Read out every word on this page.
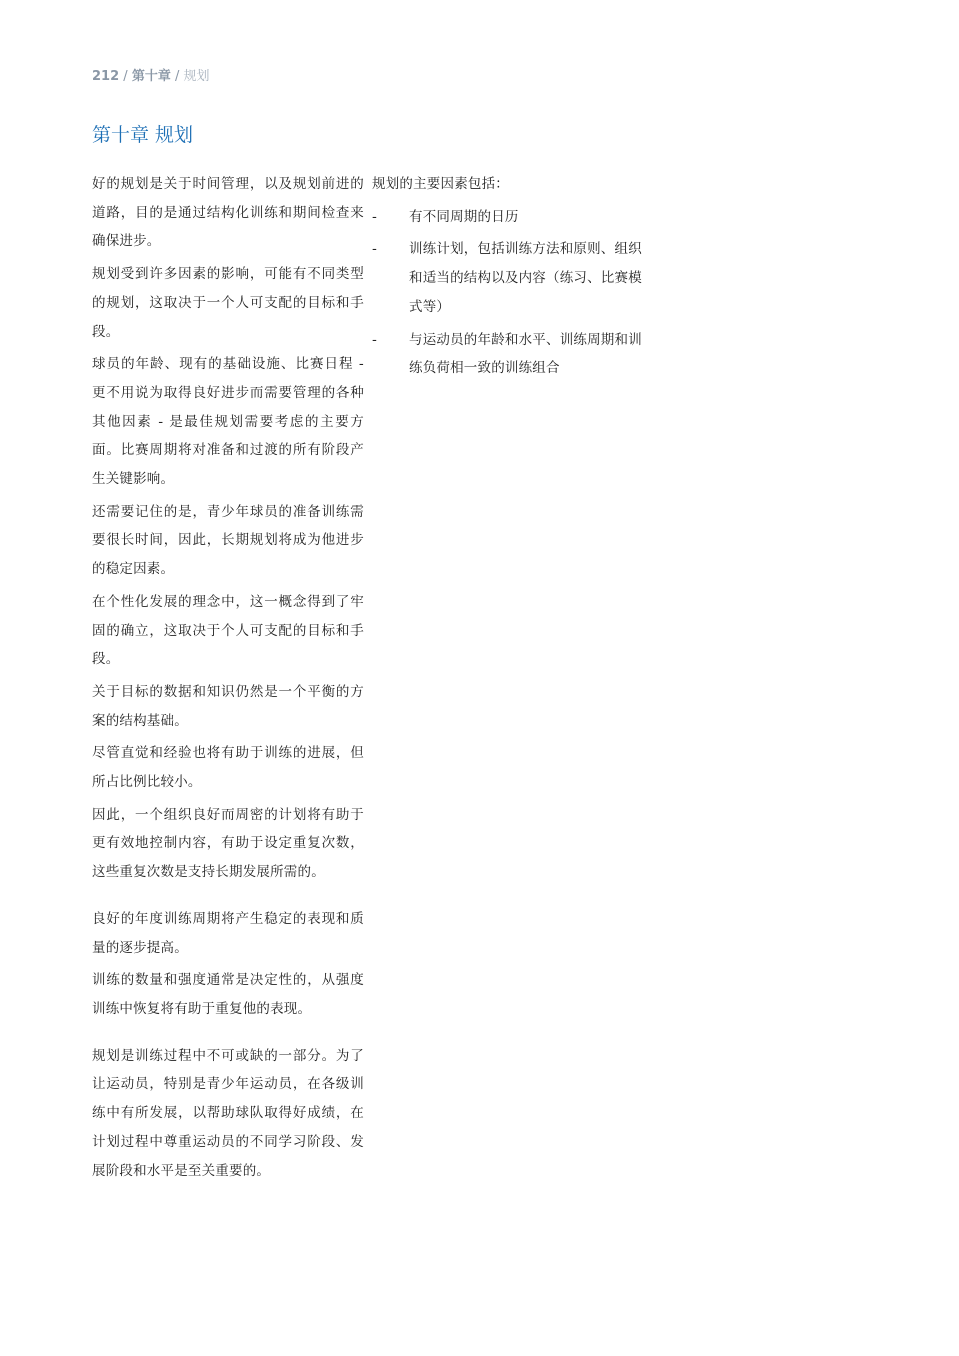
212 / 第十章 / 规划
第十章 规划

好的规划是关于时间管理，以及规划前进的道路，目的是通过结构化训练和期间检查来确保进步。

规划受到许多因素的影响，可能有不同类型的规划，这取决于一个人可支配的目标和手段。

球员的年龄、现有的基础设施、比赛日程 - 更不用说为取得良好进步而需要管理的各种其他因素 - 是最佳规划需要考虑的主要方面。比赛周期将对准备和过渡的所有阶段产生关键影响。

还需要记住的是，青少年球员的准备训练需要很长时间，因此，长期规划将成为他进步的稳定因素。

在个性化发展的理念中，这一概念得到了牢固的确立，这取决于个人可支配的目标和手段。

关于目标的数据和知识仍然是一个平衡的方案的结构基础。

尽管直觉和经验也将有助于训练的进展，但所占比例比较小。

因此，一个组织良好而周密的计划将有助于更有效地控制内容，有助于设定重复次数，这些重复次数是支持长期发展所需的。

良好的年度训练周期将产生稳定的表现和质量的逐步提高。

训练的数量和强度通常是决定性的，从强度训练中恢复将有助于重复他的表现。

规划是训练过程中不可或缺的一部分。为了让运动员，特别是青少年运动员，在各级训练中有所发展，以帮助球队取得好成绩，在计划过程中尊重运动员的不同学习阶段、发展阶段和水平是至关重要的。

规划的主要因素包括：

- 有不同周期的日历
- 训练计划，包括训练方法和原则、组织和适当的结构以及内容（练习、比赛模式等）
- 与运动员的年龄和水平、训练周期和训练负荷相一致的训练组合
